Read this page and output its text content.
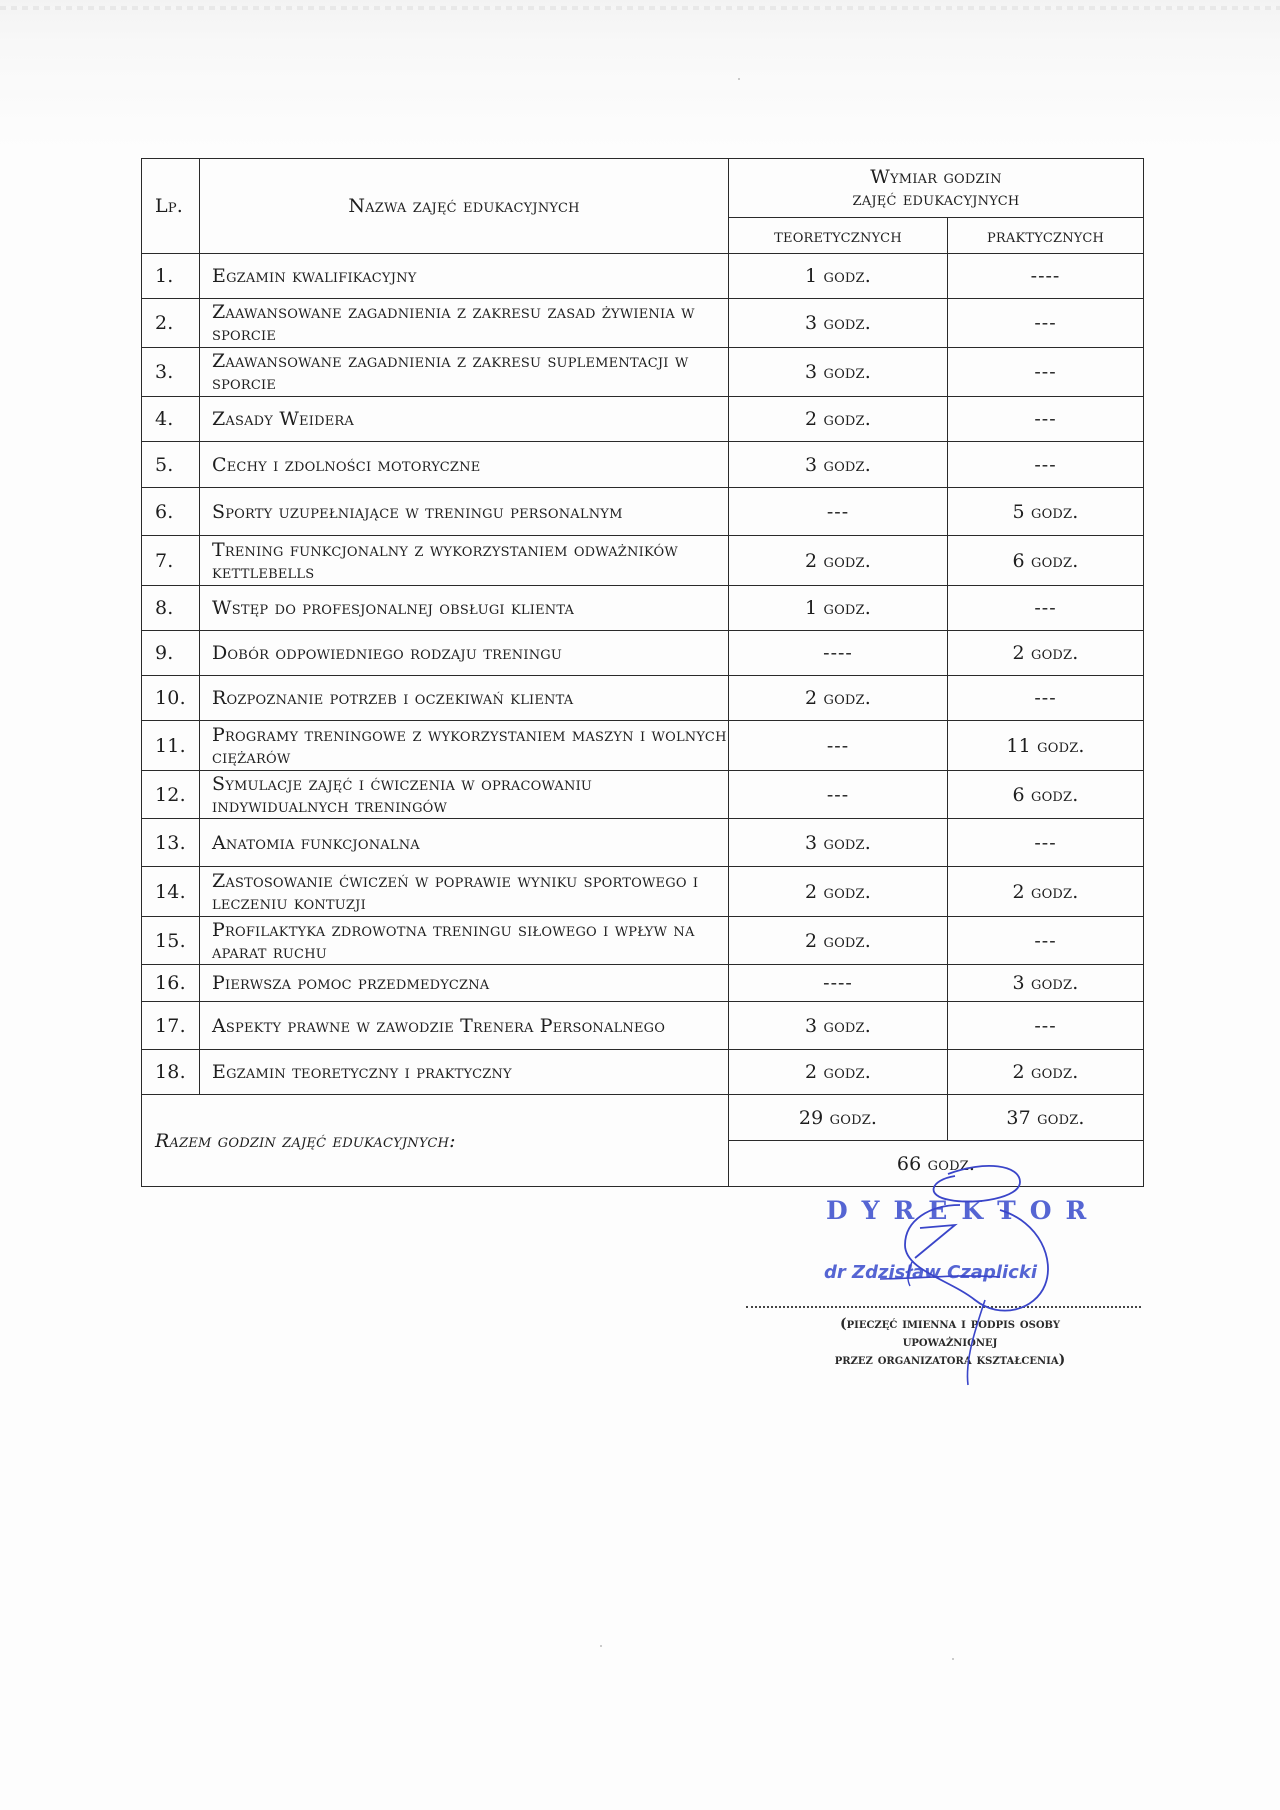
Lp.	Nazwa zajęć edukacyjnych	Wymiar godzin
zajęć edukacyjnych	

		teoretycznych	praktycznych
1.	Egzamin kwalifikacyjny	1 godz.	----
2.	Zaawansowane zagadnienia z zakresu zasad żywienia w sporcie	3 godz.	---
3.	Zaawansowane zagadnienia z zakresu suplementacji w sporcie	3 godz.	---
4.	Zasady Weidera	2 godz.	---
5.	Cechy i zdolności motoryczne	3 godz.	---
6.	Sporty uzupełniające w treningu personalnym	---	5 godz.
7.	Trening funkcjonalny z wykorzystaniem odważników kettlebells	2 godz.	6 godz.
8.	Wstęp do profesjonalnej obsługi klienta	1 godz.	---
9.	Dobór odpowiedniego rodzaju treningu	----	2 godz.
10.	Rozpoznanie potrzeb i oczekiwań klienta	2 godz.	---
11.	Programy treningowe z wykorzystaniem maszyn i wolnych ciężarów	---	11 godz.
12.	Symulacje zajęć i ćwiczenia w opracowaniu indywidualnych treningów	---	6 godz.
13.	Anatomia funkcjonalna	3 godz.	---
14.	Zastosowanie ćwiczeń w poprawie wyniku sportowego i leczeniu kontuzji	2 godz.	2 godz.
15.	Profilaktyka zdrowotna treningu siłowego i wpływ na aparat ruchu	2 godz.	---
16.	Pierwsza pomoc przedmedyczna	----	3 godz.
17.	Aspekty prawne w zawodzie Trenera Personalnego	3 godz.	---
18.	Egzamin teoretyczny i praktyczny	2 godz.	2 godz.
Razem godzin zajęć edukacyjnych:		29 godz.	37 godz.
		66 godz.	
DYREKTOR
dr Zdzisław Czaplicki
(pieczęć imienna i podpis osoby
upoważnionej
przez organizatora kształcenia)
